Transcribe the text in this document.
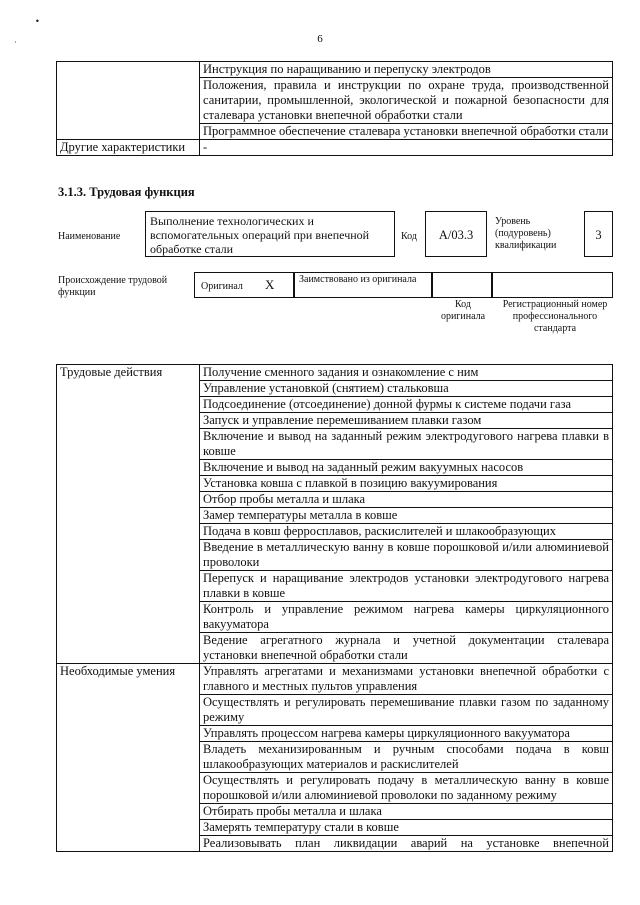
•
˙	6
	Инструкция по наращиванию и перепуску электродов
	Положения, правила и инструкции по охране труда, производственной санитарии, промышленной, экологической и пожарной безопасности для сталевара установки внепечной обработки стали
	Программное обеспечение сталевара установки внепечной обработки стали
Другие характеристики	-
3.1.3. Трудовая функция
Наименование
Выполнение технологических и вспомогательных операций при внепечной обработке стали
Код	А/03.3
Уровень (подуровень) квалификации
3
Происхождение трудовой функции
Оригинал X Заимствовано из оригинала
Код оригинала
Регистрационный номер профессионального стандарта
Трудовые действия	Получение сменного задания и ознакомление с ним
	Управление установкой (снятием) стальковша
	Подсоединение (отсоединение) донной фурмы к системе подачи газа
	Запуск и управление перемешиванием плавки газом
	Включение и вывод на заданный режим электродугового нагрева плавки в ковше
	Включение и вывод на заданный режим вакуумных насосов
	Установка ковша с плавкой в позицию вакуумирования
	Отбор пробы металла и шлака
	Замер температуры металла в ковше
	Подача в ковш ферросплавов, раскислителей и шлакообразующих
	Введение в металлическую ванну в ковше порошковой и/или алюминиевой проволоки
	Перепуск и наращивание электродов установки электродугового нагрева плавки в ковше
	Контроль и управление режимом нагрева камеры циркуляционного вакууматора
	Ведение агрегатного журнала и учетной документации сталевара установки внепечной обработки стали
Необходимые умения	Управлять агрегатами и механизмами установки внепечной обработки с главного и местных пультов управления
	Осуществлять и регулировать перемешивание плавки газом по заданному режиму
	Управлять процессом нагрева камеры циркуляционного вакууматора
	Владеть механизированным и ручным способами подача в ковш шлакообразующих материалов и раскислителей
	Осуществлять и регулировать подачу в металлическую ванну в ковше порошковой и/или алюминиевой проволоки по заданному режиму
	Отбирать пробы металла и шлака
	Замерять температуру стали в ковше
	Реализовывать план ликвидации аварий на установке внепечной
